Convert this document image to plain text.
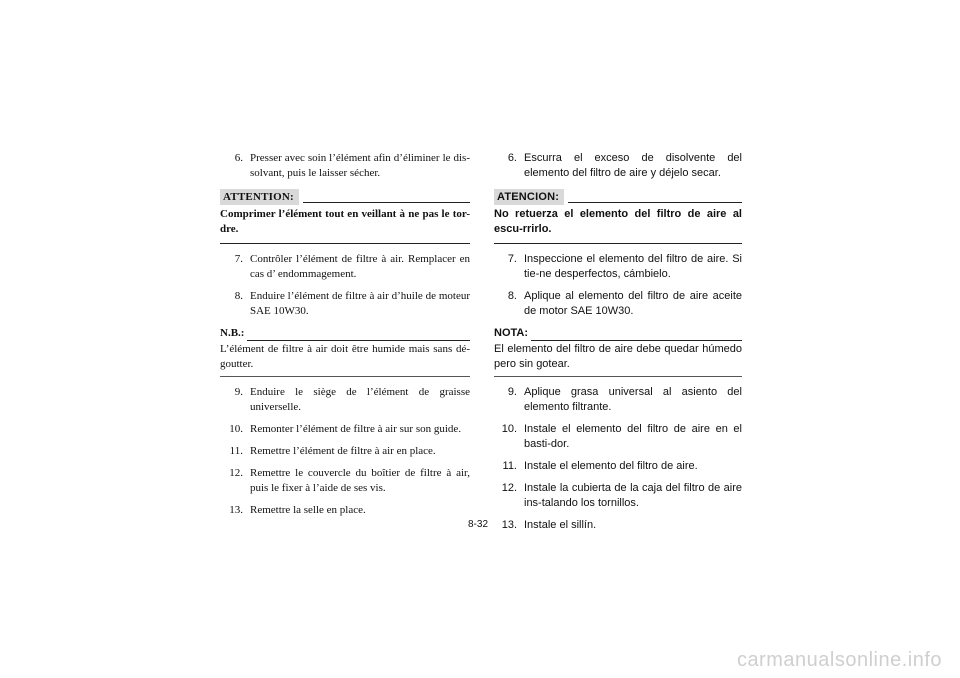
6. Presser avec soin l’élément afin d’éliminer le dis-solvant, puis le laisser sécher.
ATTENTION:
Comprimer l’élément tout en veillant à ne pas le tor-dre.
7. Contrôler l’élément de filtre à air. Remplacer en cas d’ endommagement.
8. Enduire l’élément de filtre à air d’huile de moteur SAE 10W30.
N.B.:
L’élément de filtre à air doit être humide mais sans dé-goutter.
9. Enduire le siège de l’élément de graisse universelle.
10. Remonter l’élément de filtre à air sur son guide.
11. Remettre l’élément de filtre à air en place.
12. Remettre le couvercle du boîtier de filtre à air, puis le fixer à l’aide de ses vis.
13. Remettre la selle en place.
6. Escurra el exceso de disolvente del elemento del filtro de aire y déjelo secar.
ATENCION:
No retuerza el elemento del filtro de aire al escu-rrirlo.
7. Inspeccione el elemento del filtro de aire. Si tie-ne desperfectos, cámbielo.
8. Aplique al elemento del filtro de aire aceite de motor SAE 10W30.
NOTA:
El elemento del filtro de aire debe quedar húmedo pero sin gotear.
9. Aplique grasa universal al asiento del elemento filtrante.
10. Instale el elemento del filtro de aire en el basti-dor.
11. Instale el elemento del filtro de aire.
12. Instale la cubierta de la caja del filtro de aire ins-talando los tornillos.
13. Instale el sillín.
8-32
carmanualsonline.info
